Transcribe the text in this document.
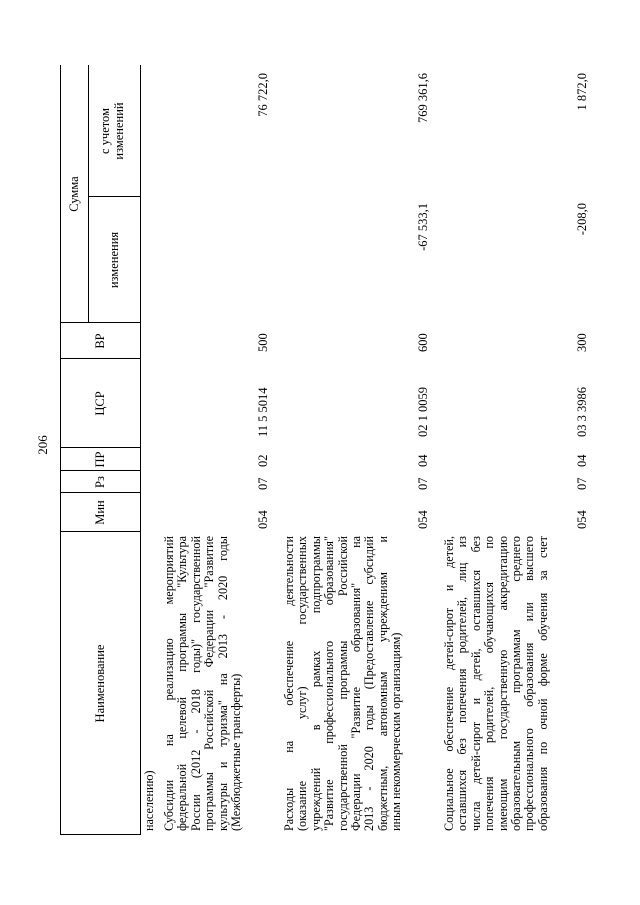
206
Наименование
Мин
Рз
ПР
ЦСР
ВР
Сумма
изменения
с учетом изменений
населению) Субсидии на реализацию мероприятий федеральной целевой программы "Культура России (2012 - 2018 годы)" государственной программы Российской Федерации "Развитие культуры и туризма" на 2013 - 2020 годы (Межбюджетные трансферты)
054
07
02
11 5 5014
500
76 722,0
Расходы на обеспечение деятельности (оказание услуг) государственных учреждений в рамках подпрограммы "Развитие профессионального образования" государственной программы Российской Федерации "Развитие образования" на 2013 - 2020 годы (Предоставление субсидий бюджетным, автономным учреждениям и иным некоммерческим организациям)
054
07
04
02 1 0059
600
-67 533,1
769 361,6
Социальное обеспечение детей-сирот и детей, оставшихся без попечения родителей, лиц из числа детей-сирот и детей, оставшихся без попечения родителей, обучающихся по имеющим государственную аккредитацию образовательным программам среднего профессионального образования или высшего образования по очной форме обучения за счет
054
07
04
03 3 3986
300
-208,0
1 872,0
